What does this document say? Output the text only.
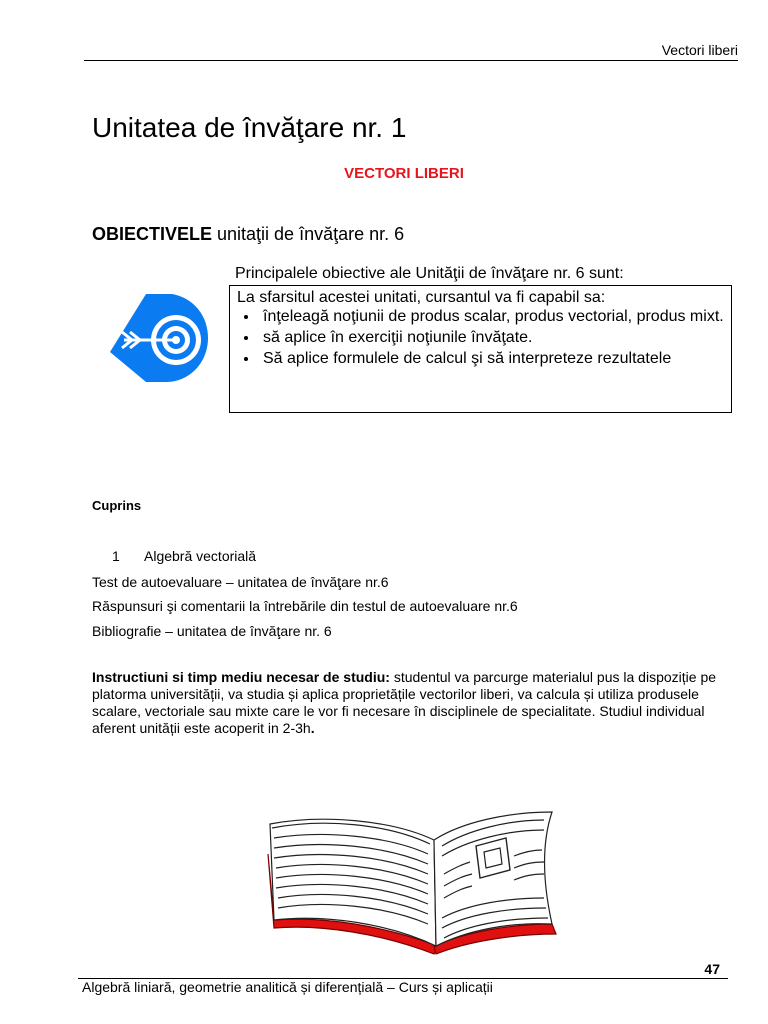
Vectori liberi
Unitatea de învăţare nr. 1
VECTORI LIBERI
OBIECTIVELE unitaţii de învăţare nr. 6
Principalele obiective ale Unităţii de învăţare nr. 6 sunt:
La sfarsitul acestei unitati, cursantul va fi capabil sa:
• înţeleagă noţiunii de produs scalar, produs vectorial, produs mixt.
• să aplice în exerciţii noţiunile învăţate.
• Să aplice formulele de calcul şi să interpreteze rezultatele
Cuprins
1 Algebră vectorială
Test de autoevaluare – unitatea de învăţare nr.6
Răspunsuri şi comentarii la întrebările din testul de autoevaluare nr.6
Bibliografie – unitatea de învăţare nr. 6
Instructiuni si timp mediu necesar de studiu: studentul va parcurge materialul pus la dispoziție pe platorma universității, va studia și aplica proprietățile vectorilor liberi, va calcula și utiliza produsele scalare, vectoriale sau mixte care le vor fi necesare în disciplinele de specialitate. Studiul individual aferent unității este acoperit in 2-3h.
47
Algebră liniară, geometrie analitică și diferențială – Curs și aplicații
